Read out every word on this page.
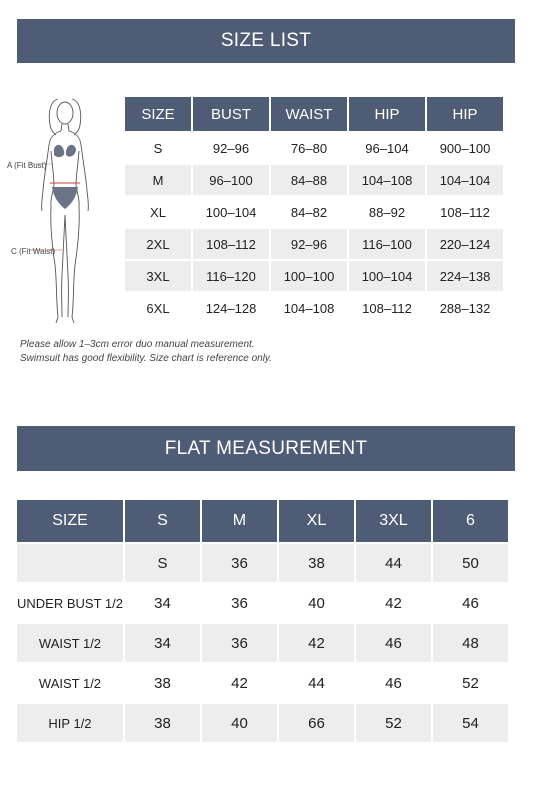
SIZE LIST
A (Fit Bust)
C (Fit Waist)
SIZE	BUST	WAIST	HIP	HIP
S	92–96	76–80	96–104	900–100
M	96–100	84–88	104–108	104–104
XL	100–104	84–82	88–92	108–112
2XL	108–112	92–96	116–100	220–124
3XL	116–120	100–100	100–104	224–138
6XL	124–128	104–108	108–112	288–132
Please allow 1–3cm error duo manual measurement.
Swimsuit has good flexibility. Size chart is reference only.
FLAT MEASUREMENT
SIZE	S	M	XL	3XL	6
	S	36	38	44	50
UNDER BUST 1/2	34	36	40	42	46
WAIST 1/2	34	36	42	46	48
WAIST 1/2	38	42	44	46	52
HIP 1/2	38	40	66	52	54
